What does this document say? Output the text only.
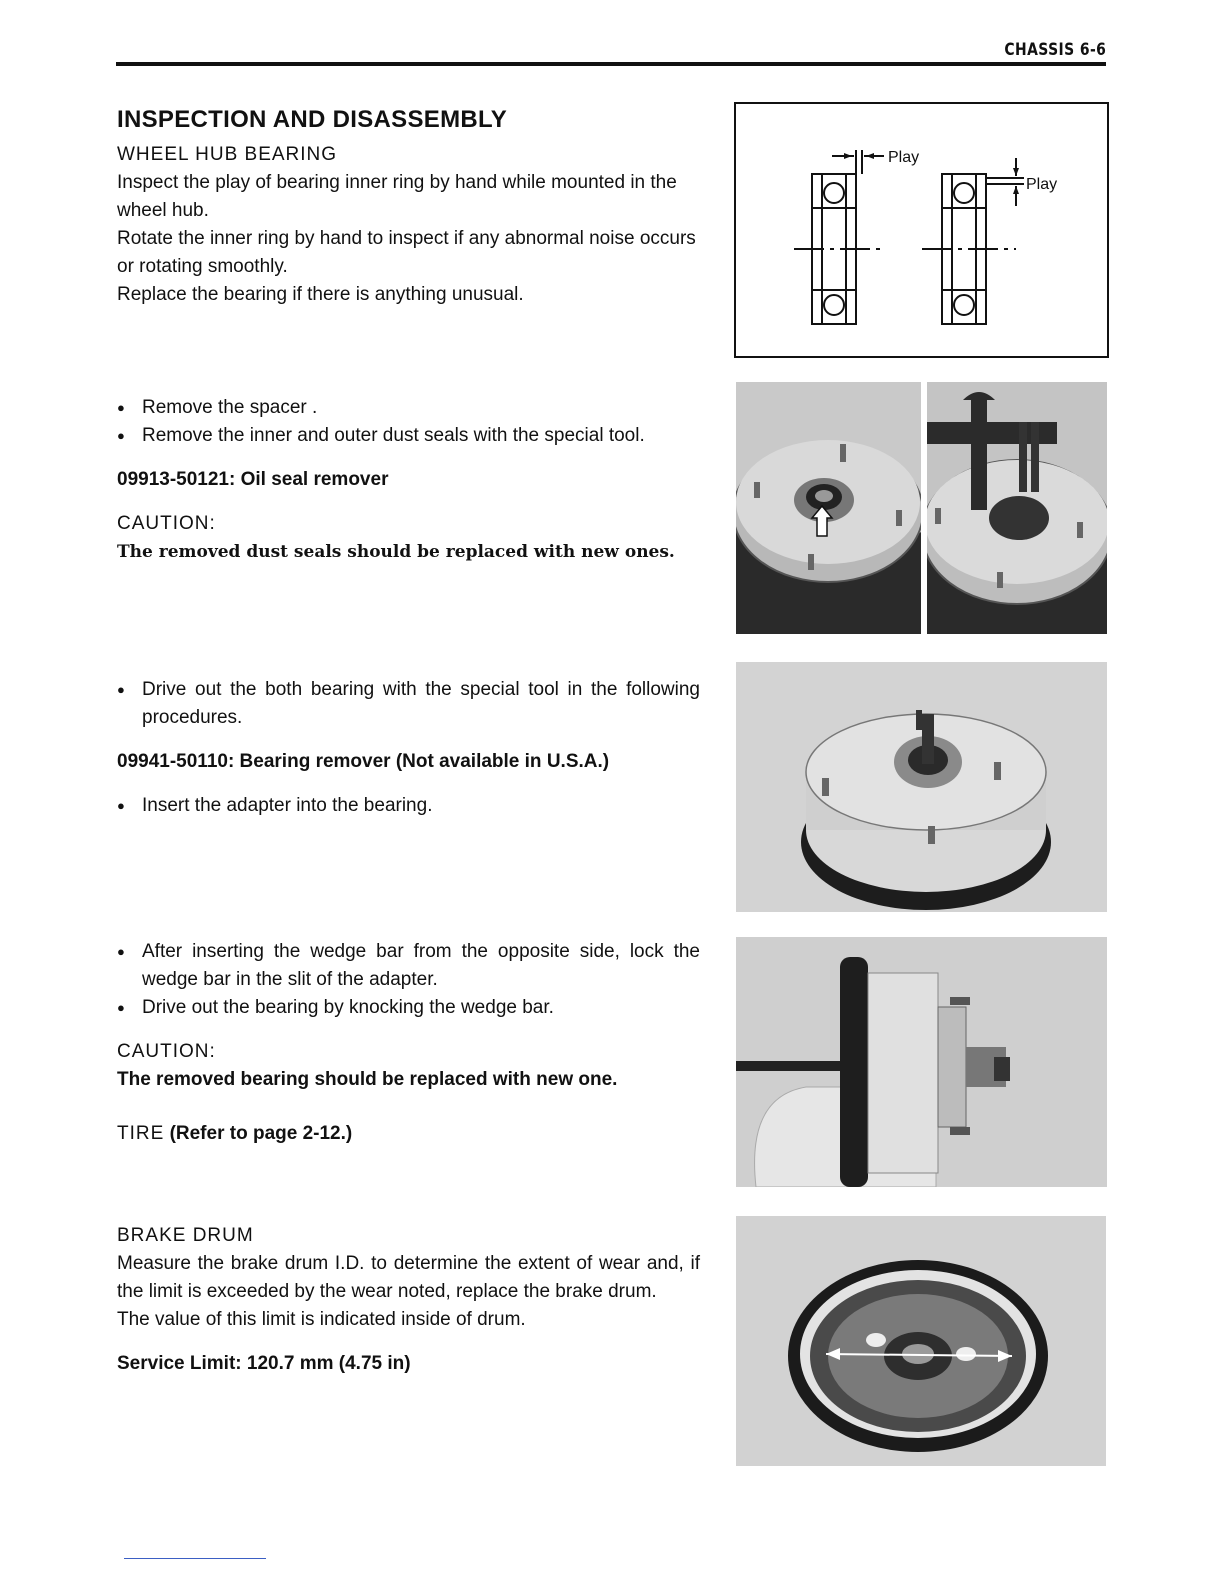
CHASSIS 6-6
INSPECTION AND DISASSEMBLY
WHEEL HUB BEARING
Inspect the play of bearing inner ring by hand while mounted in the wheel hub.
Rotate the inner ring by hand to inspect if any abnormal noise occurs or rotating smoothly.
Replace the bearing if there is anything unusual.
Play
Play
● Remove the spacer .
● Remove the inner and outer dust seals with the special tool.
09913-50121: Oil seal remover
CAUTION:
The removed dust seals should be replaced with new ones.
● Drive out the both bearing with the special tool in the following procedures.
09941-50110: Bearing remover (Not available in U.S.A.)
● Insert the adapter into the bearing.
● After inserting the wedge bar from the opposite side, lock the wedge bar in the slit of the adapter.
● Drive out the bearing by knocking the wedge bar.
CAUTION:
The removed bearing should be replaced with new one.
TIRE (Refer to page 2-12.)
BRAKE DRUM
Measure the brake drum I.D. to determine the extent of wear and, if the limit is exceeded by the wear noted, replace the brake drum.
The value of this limit is indicated inside of drum.
Service Limit: 120.7 mm (4.75 in)
